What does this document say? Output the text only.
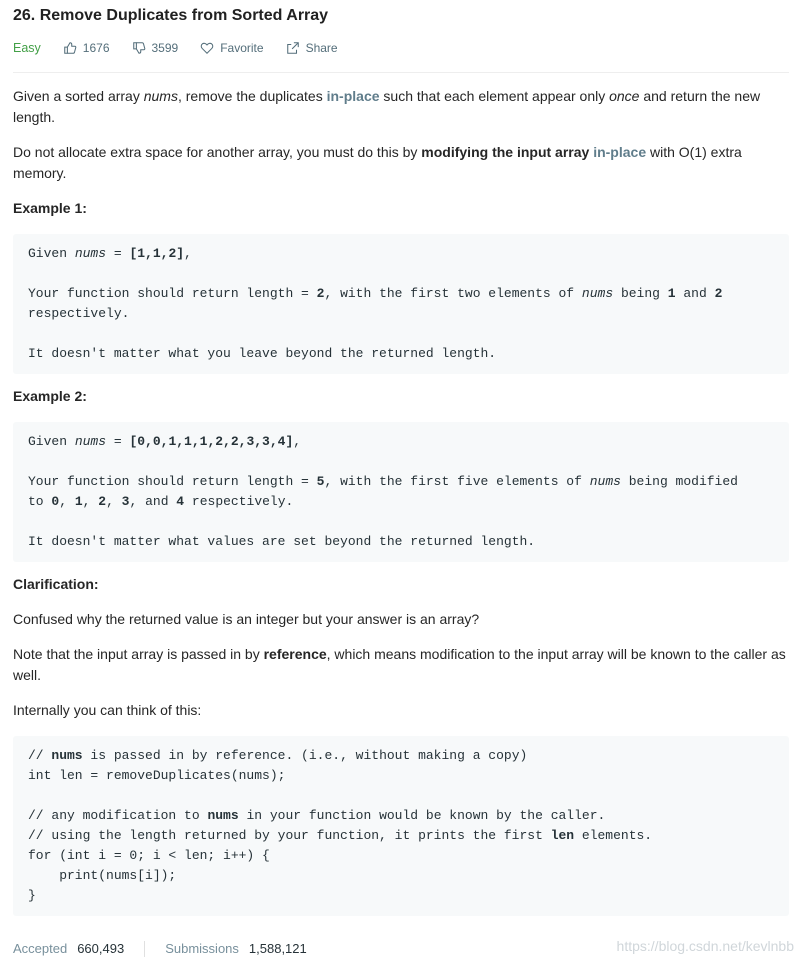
26. Remove Duplicates from Sorted Array
Easy	1676	3599	Favorite	Share

Given a sorted array nums, remove the duplicates in-place such that each element appear only once and return the new length.

Do not allocate extra space for another array, you must do this by modifying the input array in-place with O(1) extra memory.

Example 1:

Given nums = [1,1,2],

Your function should return length = 2, with the first two elements of nums being 1 and 2
respectively.

It doesn't matter what you leave beyond the returned length.

Example 2:

Given nums = [0,0,1,1,1,2,2,3,3,4],

Your function should return length = 5, with the first five elements of nums being modified
to 0, 1, 2, 3, and 4 respectively.

It doesn't matter what values are set beyond the returned length.

Clarification:

Confused why the returned value is an integer but your answer is an array?

Note that the input array is passed in by reference, which means modification to the input array will be known to the caller as well.

Internally you can think of this:

// nums is passed in by reference. (i.e., without making a copy)
int len = removeDuplicates(nums);

// any modification to nums in your function would be known by the caller.
// using the length returned by your function, it prints the first len elements.
for (int i = 0; i < len; i++) {
print(nums[i]);
}
Accepted 660,493	Submissions 1,588,121	https://blog.csdn.net/kevlnbb
